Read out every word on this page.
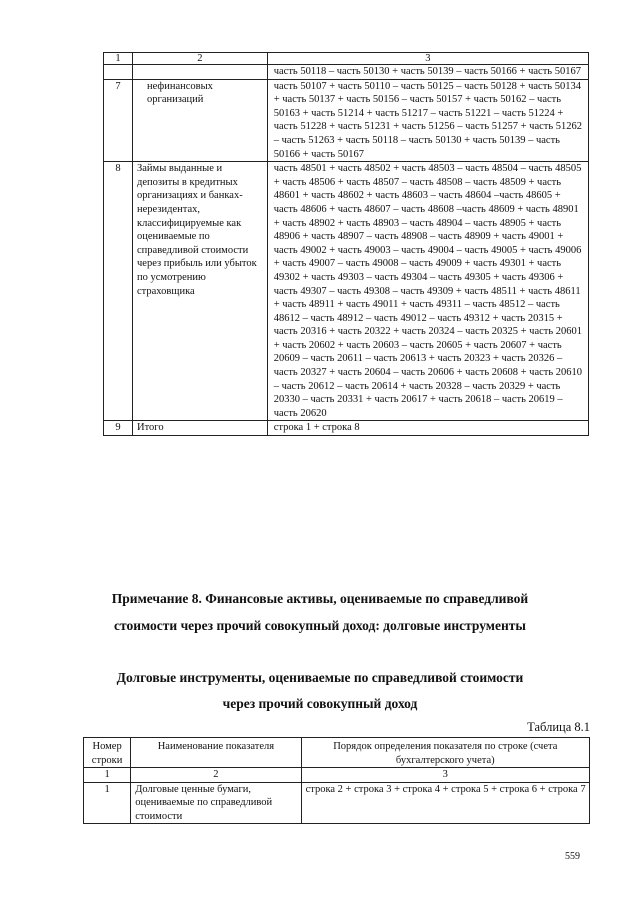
1	2	3
		часть 50118 – часть 50130 + часть 50139 – часть 50166 + часть 50167
7	нефинансовых организаций	часть 50107 + часть 50110 – часть 50125 – часть 50128 + часть 50134 + часть 50137 + часть 50156 – часть 50157 + часть 50162 – часть 50163 + часть 51214 + часть 51217 – часть 51221 – часть 51224 + часть 51228 + часть 51231 + часть 51256 – часть 51257 + часть 51262 – часть 51263 + часть 50118 – часть 50130 + часть 50139 – часть 50166 + часть 50167
8	Займы выданные и депозиты в кредитных организациях и банках-нерезидентах, классифицируемые как оцениваемые по справедливой стоимости через прибыль или убыток по усмотрению страховщика	часть 48501 + часть 48502 + часть 48503 – часть 48504 – часть 48505 + часть 48506 + часть 48507 – часть 48508 – часть 48509 + часть 48601 + часть 48602 + часть 48603 – часть 48604 –часть 48605 + часть 48606 + часть 48607 – часть 48608 –часть 48609 + часть 48901 + часть 48902 + часть 48903 – часть 48904 – часть 48905 + часть 48906 + часть 48907 – часть 48908 – часть 48909 + часть 49001 + часть 49002 + часть 49003 – часть 49004 – часть 49005 + часть 49006 + часть 49007 – часть 49008 – часть 49009 + часть 49301 + часть 49302 + часть 49303 – часть 49304 – часть 49305 + часть 49306 + часть 49307 – часть 49308 – часть 49309 + часть 48511 + часть 48611 + часть 48911 + часть 49011 + часть 49311 – часть 48512 – часть 48612 – часть 48912 – часть 49012 – часть 49312 + часть 20315 + часть 20316 + часть 20322 + часть 20324 – часть 20325 + часть 20601 + часть 20602 + часть 20603 – часть 20605 + часть 20607 + часть 20609 – часть 20611 – часть 20613 + часть 20323 + часть 20326 – часть 20327 + часть 20604 – часть 20606 + часть 20608 + часть 20610 – часть 20612 – часть 20614 + часть 20328 – часть 20329 + часть 20330 – часть 20331 + часть 20617 + часть 20618 – часть 20619 – часть 20620
9	Итого	строка 1 + строка 8
Примечание 8. Финансовые активы, оцениваемые по справедливой
стоимости через прочий совокупный доход: долговые инструменты
Долговые инструменты, оцениваемые по справедливой стоимости
через прочий совокупный доход
Таблица 8.1
Номер строки	Наименование показателя	Порядок определения показателя по строке (счета бухгалтерского учета)
1	2	3
1	Долговые ценные бумаги, оцениваемые по справедливой стоимости	строка 2 + строка 3 + строка 4 + строка 5 + строка 6 + строка 7
559
